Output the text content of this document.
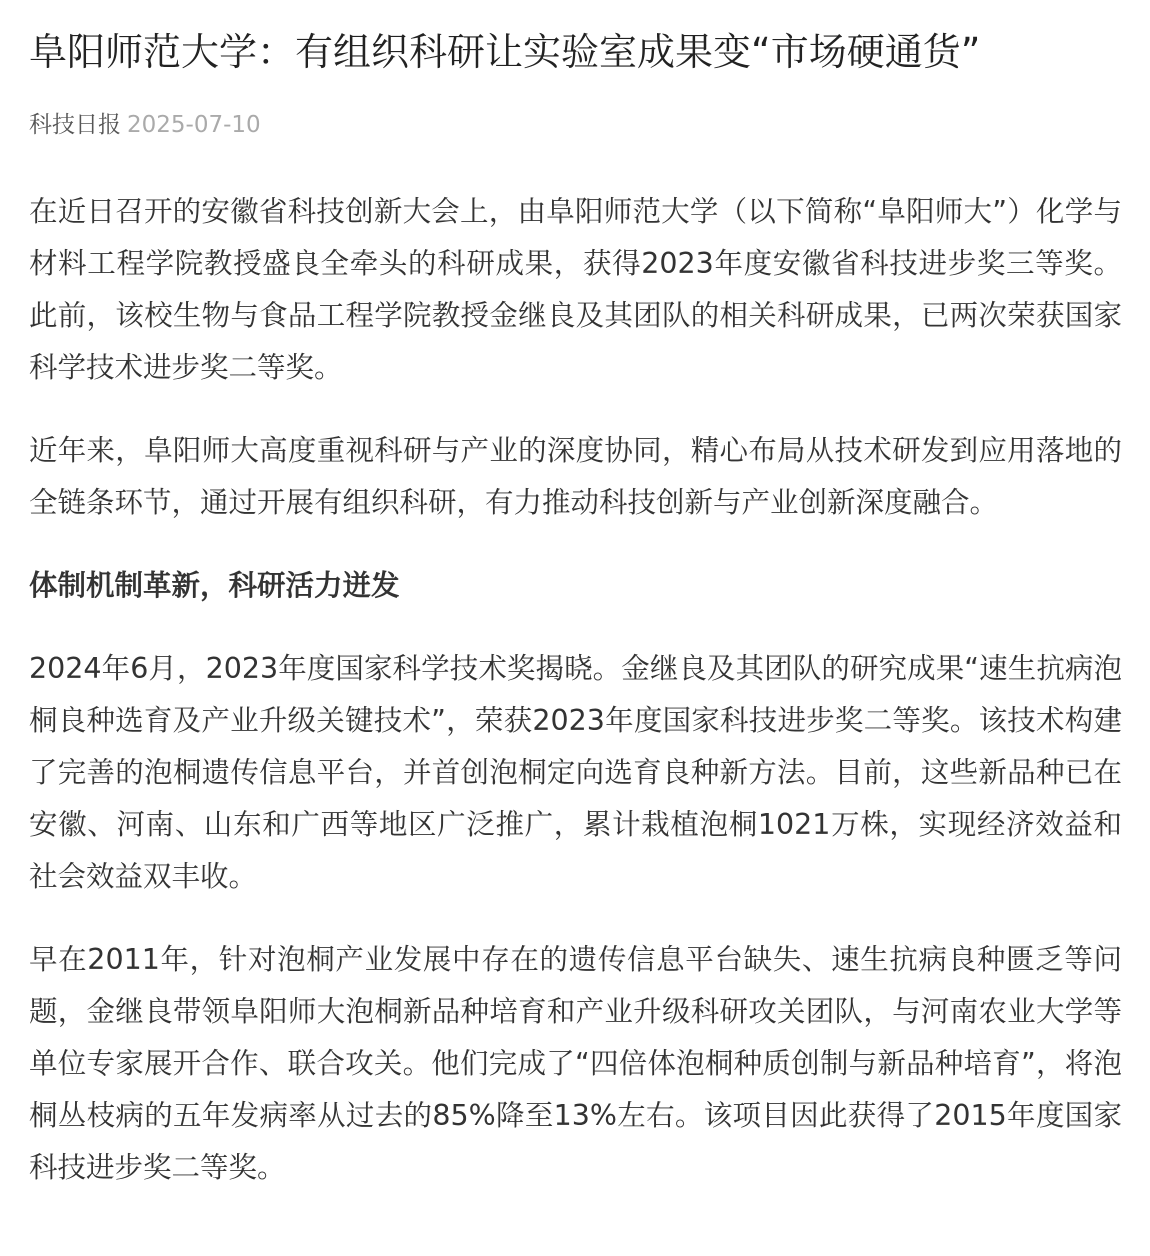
阜阳师范大学：有组织科研让实验室成果变“市场硬通货”
科技日报 2025-07-10

在近日召开的安徽省科技创新大会上，由阜阳师范大学（以下简称“阜阳师大”）化学与材料工程学院教授盛良全牵头的科研成果，获得2023年度安徽省科技进步奖三等奖。此前，该校生物与食品工程学院教授金继良及其团队的相关科研成果，已两次荣获国家科学技术进步奖二等奖。

近年来，阜阳师大高度重视科研与产业的深度协同，精心布局从技术研发到应用落地的全链条环节，通过开展有组织科研，有力推动科技创新与产业创新深度融合。

体制机制革新，科研活力迸发

2024年6月，2023年度国家科学技术奖揭晓。金继良及其团队的研究成果“速生抗病泡桐良种选育及产业升级关键技术”，荣获2023年度国家科技进步奖二等奖。该技术构建了完善的泡桐遗传信息平台，并首创泡桐定向选育良种新方法。目前，这些新品种已在安徽、河南、山东和广西等地区广泛推广，累计栽植泡桐1021万株，实现经济效益和社会效益双丰收。

早在2011年，针对泡桐产业发展中存在的遗传信息平台缺失、速生抗病良种匮乏等问题，金继良带领阜阳师大泡桐新品种培育和产业升级科研攻关团队，与河南农业大学等单位专家展开合作、联合攻关。他们完成了“四倍体泡桐种质创制与新品种培育”，将泡桐丛枝病的五年发病率从过去的85%降至13%左右。该项目因此获得了2015年度国家科技进步奖二等奖。
